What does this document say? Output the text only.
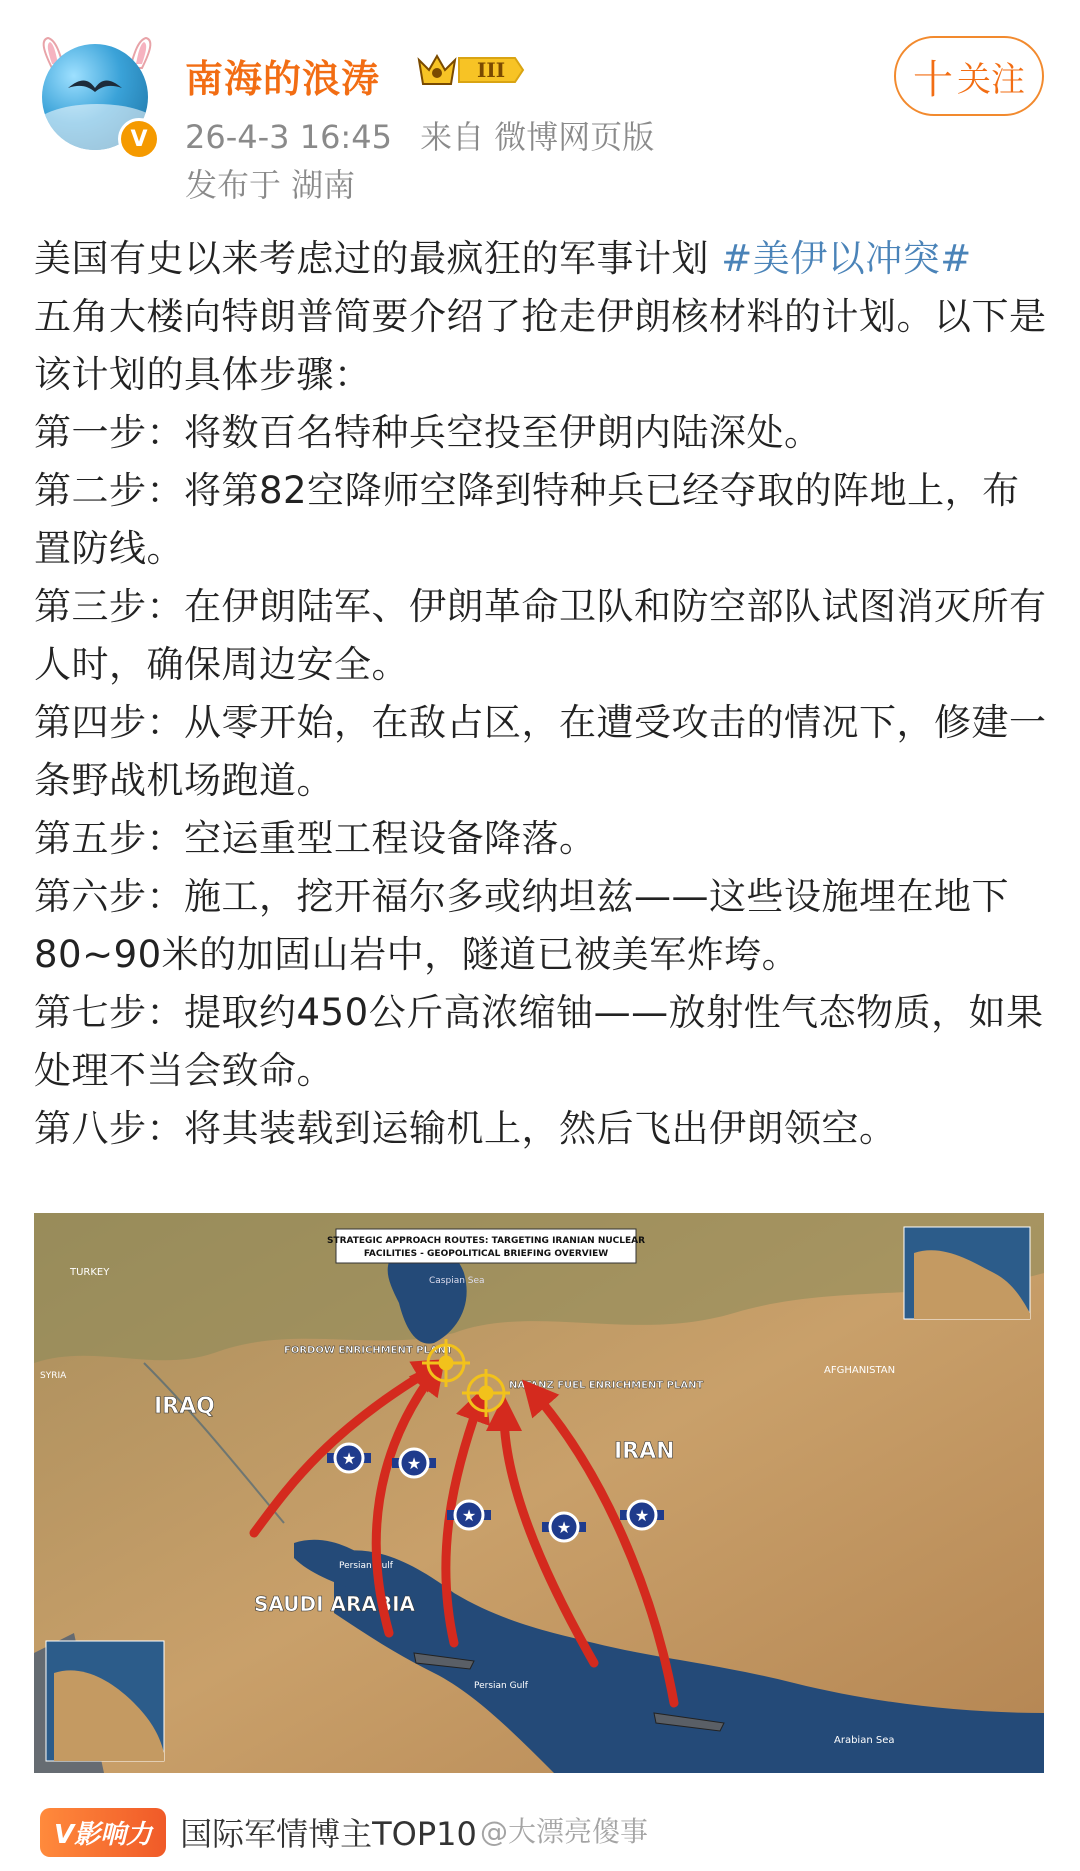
V
南海的浪涛	III
26-4-3 16:45 来自 微博网页版
发布于 湖南
十 关注

美国有史以来考虑过的最疯狂的军事计划 #美伊以冲突#

五角大楼向特朗普简要介绍了抢走伊朗核材料的计划。以下是该计划的具体步骤：

第一步：将数百名特种兵空投至伊朗内陆深处。

第二步：将第82空降师空降到特种兵已经夺取的阵地上，布置防线。

第三步：在伊朗陆军、伊朗革命卫队和防空部队试图消灭所有人时，确保周边安全。

第四步：从零开始，在敌占区，在遭受攻击的情况下，修建一条野战机场跑道。

第五步：空运重型工程设备降落。

第六步：施工，挖开福尔多或纳坦兹——这些设施埋在地下80~90米的加固山岩中，隧道已被美军炸垮。

第七步：提取约450公斤高浓缩铀——放射性气态物质，如果处理不当会致命。

第八步：将其装载到运输机上，然后飞出伊朗领空。

STRATEGIC APPROACH ROUTES: TARGETING IRANIAN NUCLEAR
FACILITIES - GEOPOLITICAL BRIEFING OVERVIEW
TURKEY
Caspian Sea
SYRIA
IRAQ
IRAN
AFGHANISTAN
SAUDI ARABIA
Persian Gulf
Persian Gulf
Arabian Sea
FORDOW ENRICHMENT PLANT
NATANZ FUEL ENRICHMENT PLANT
★	★
★
★
★
V影响力 国际军情博主TOP10 @大漂亮傻事
